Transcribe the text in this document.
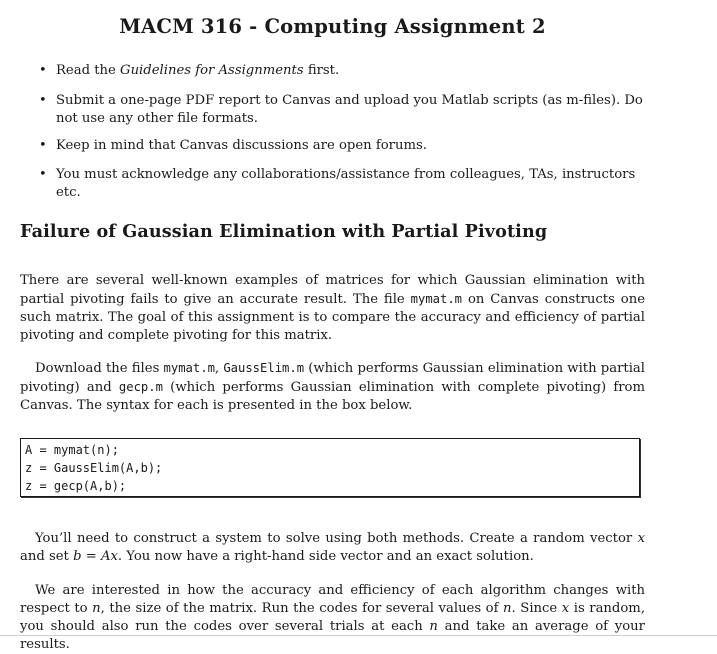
MACM 316 - Computing Assignment 2
• Read the Guidelines for Assignments first.
• Submit a one-page PDF report to Canvas and upload you Matlab scripts (as m-files). Do not use any other file formats.
• Keep in mind that Canvas discussions are open forums.
• You must acknowledge any collaborations/assistance from colleagues, TAs, instructors etc.
Failure of Gaussian Elimination with Partial Pivoting

There are several well-known examples of matrices for which Gaussian elimination with partial pivoting fails to give an accurate result. The file mymat.m on Canvas constructs one such matrix. The goal of this assignment is to compare the accuracy and efficiency of partial pivoting and complete pivoting for this matrix.

Download the files mymat.m, GaussElim.m (which performs Gaussian elimination with partial pivoting) and gecp.m (which performs Gaussian elimination with complete pivoting) from Canvas. The syntax for each is presented in the box below.

A = mymat(n);
z = GaussElim(A,b);
z = gecp(A,b);

You’ll need to construct a system to solve using both methods. Create a random vector x and set b = Ax. You now have a right-hand side vector and an exact solution.

We are interested in how the accuracy and efficiency of each algorithm changes with respect to n, the size of the matrix. Run the codes for several values of n. Since x is random, you should also run the codes over several trials at each n and take an average of your results.
